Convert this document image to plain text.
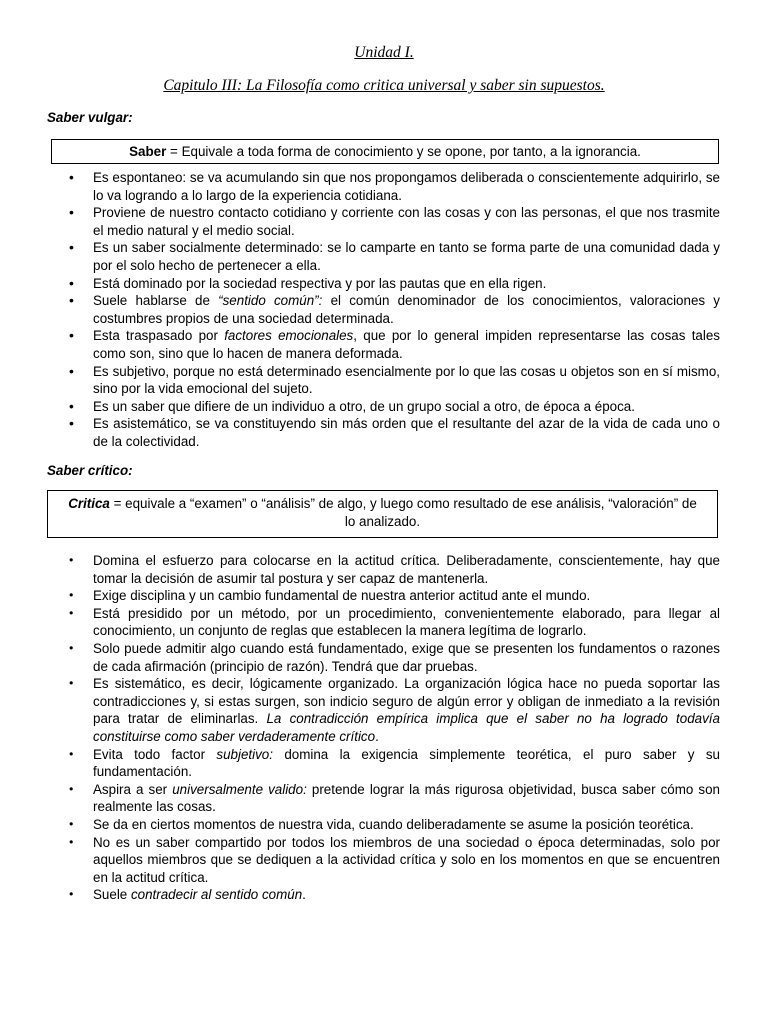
Unidad I.
Capitulo III: La Filosofía como critica universal y saber sin supuestos.
Saber vulgar:
Saber = Equivale a toda forma de conocimiento y se opone, por tanto, a la ignorancia.
• Es espontaneo: se va acumulando sin que nos propongamos deliberada o conscientemente adquirirlo, se lo va logrando a lo largo de la experiencia cotidiana.
• Proviene de nuestro contacto cotidiano y corriente con las cosas y con las personas, el que nos trasmite el medio natural y el medio social.
• Es un saber socialmente determinado: se lo camparte en tanto se forma parte de una comunidad dada y por el solo hecho de pertenecer a ella.
• Está dominado por la sociedad respectiva y por las pautas que en ella rigen.
• Suele hablarse de “sentido común”: el común denominador de los conocimientos, valoraciones y costumbres propios de una sociedad determinada.
• Esta traspasado por factores emocionales, que por lo general impiden representarse las cosas tales como son, sino que lo hacen de manera deformada.
• Es subjetivo, porque no está determinado esencialmente por lo que las cosas u objetos son en sí mismo, sino por la vida emocional del sujeto.
• Es un saber que difiere de un individuo a otro, de un grupo social a otro, de época a época.
• Es asistemático, se va constituyendo sin más orden que el resultante del azar de la vida de cada uno o de la colectividad.
Saber crítico:
Critica = equivale a “examen” o “análisis” de algo, y luego como resultado de ese análisis, “valoración” de lo analizado.
• Domina el esfuerzo para colocarse en la actitud crítica. Deliberadamente, conscientemente, hay que tomar la decisión de asumir tal postura y ser capaz de mantenerla.
• Exige disciplina y un cambio fundamental de nuestra anterior actitud ante el mundo.
• Está presidido por un método, por un procedimiento, convenientemente elaborado, para llegar al conocimiento, un conjunto de reglas que establecen la manera legítima de lograrlo.
• Solo puede admitir algo cuando está fundamentado, exige que se presenten los fundamentos o razones de cada afirmación (principio de razón). Tendrá que dar pruebas.
• Es sistemático, es decir, lógicamente organizado. La organización lógica hace no pueda soportar las contradicciones y, si estas surgen, son indicio seguro de algún error y obligan de inmediato a la revisión para tratar de eliminarlas. La contradicción empírica implica que el saber no ha logrado todavía constituirse como saber verdaderamente crítico.
• Evita todo factor subjetivo: domina la exigencia simplemente teorética, el puro saber y su fundamentación.
• Aspira a ser universalmente valido: pretende lograr la más rigurosa objetividad, busca saber cómo son realmente las cosas.
• Se da en ciertos momentos de nuestra vida, cuando deliberadamente se asume la posición teorética.
• No es un saber compartido por todos los miembros de una sociedad o época determinadas, solo por aquellos miembros que se dediquen a la actividad crítica y solo en los momentos en que se encuentren en la actitud crítica.
• Suele contradecir al sentido común.
